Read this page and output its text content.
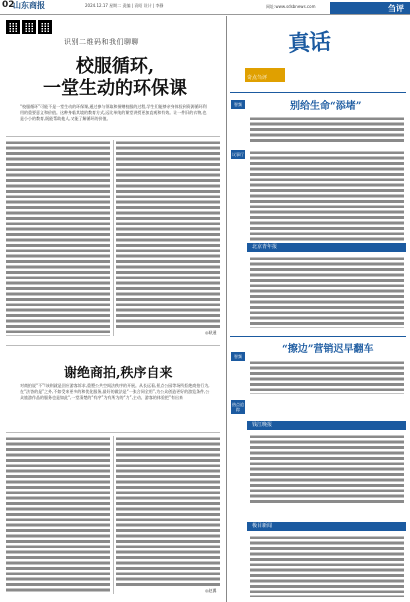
02
山东商报	2024.12.17 星期二 责编 | 袁昭 设计 | 李静	网址:www.sdsbnews.com	刍评
识别二维码和我们聊聊
校服循环,
一堂生动的环保课
“校服循环”可能不是一堂生动的环保课,通过参与领取和捐赠校服的过程,学生们能够亲身体验到资源循环利用的重要意义和价值。这种身临其境的教育方式,远比单纯的课堂讲授更加直观和有效。让一件旧的衣物,也是小小的教育,既能帮助他人,又能了解循环的价值。
◎耿通
谢绝商拍,秩序自来
对商拍说“不”!该则就是回应游客诉求,重塑公共空间法秩序的开展。从长远看,景点公园等场所拒绝商拍行为,在“法答的是”之外,不如受来更多的和优化服务,最好的做法是“一张合同全用”,为公众创造更好的游览条件,公众旅游作品的服务也是如此“,一堂清楚的“有序”为有所为的“力”,主动、游客的体验把”有出来
◎赵翼
真话
奇点刍评
别给生命“添堵”
智频
议事厅
北京青年报
“擦边”营销迟早翻车
智频
热点追踪
钱江晚报
极目新闻
